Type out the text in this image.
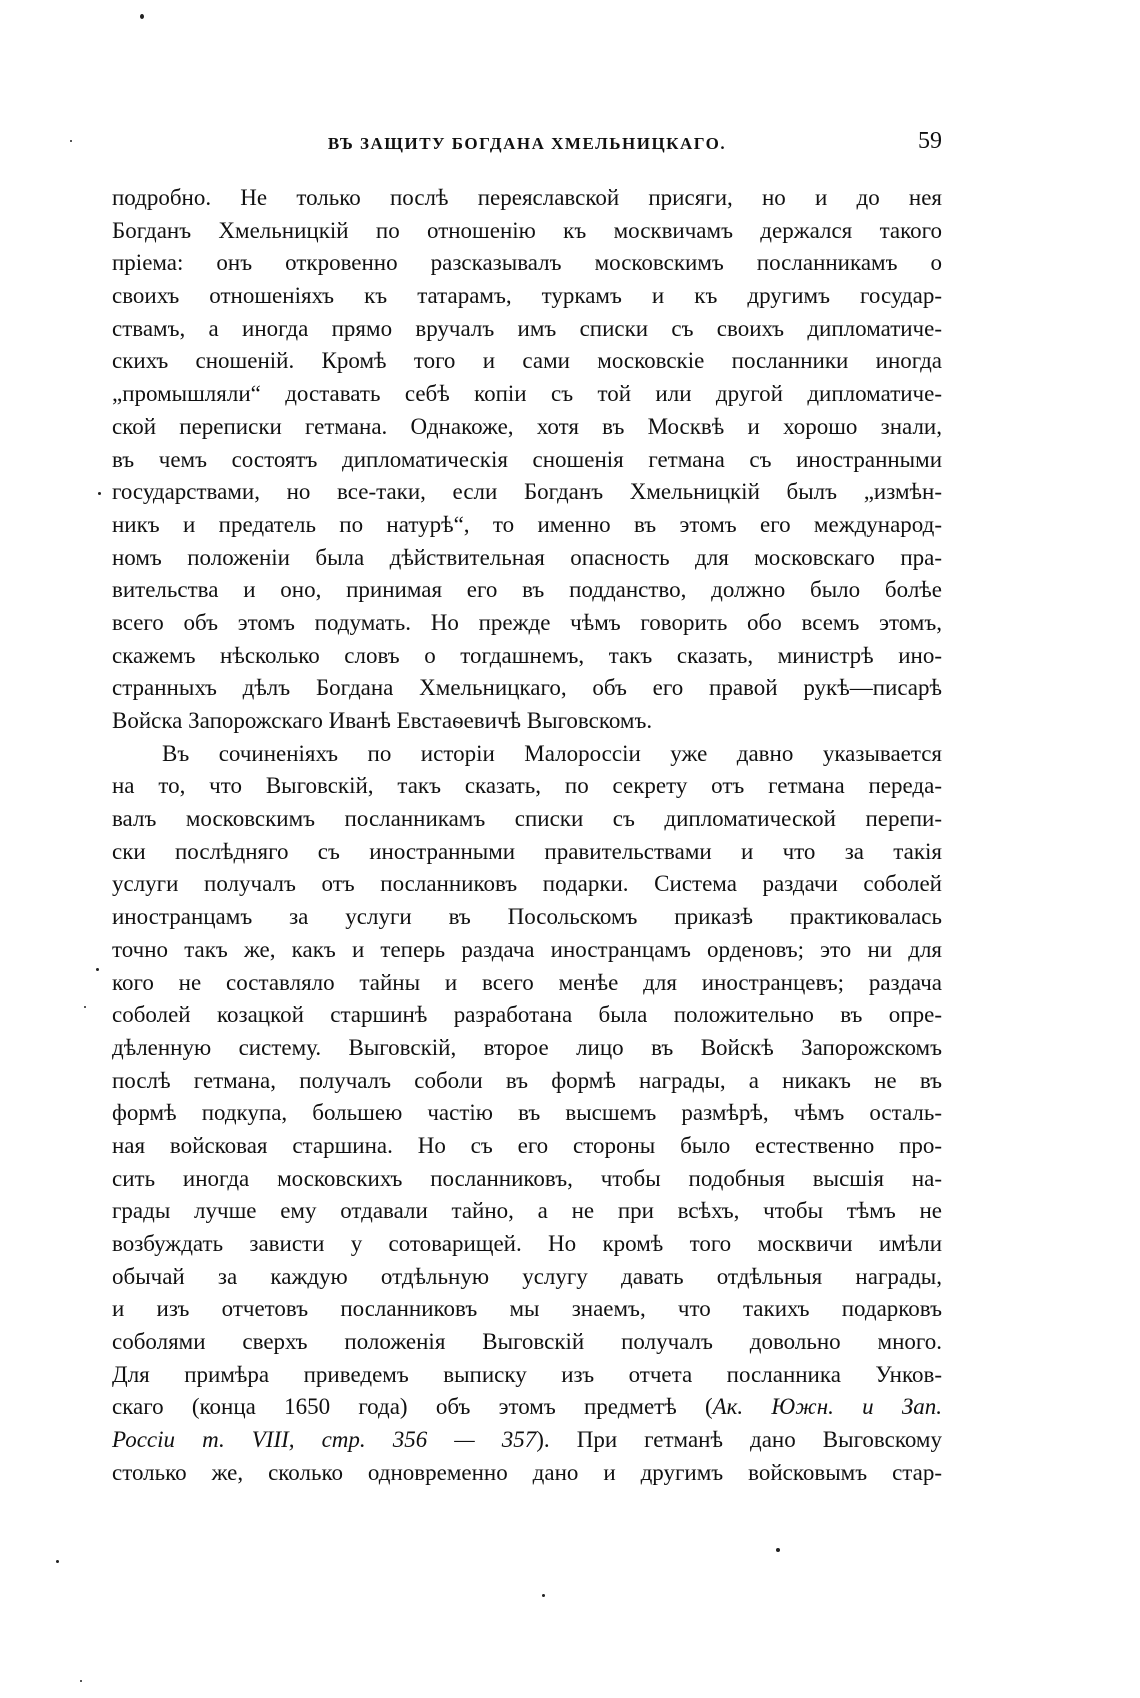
ВЪ ЗАЩИТУ БОГДАНА ХМЕЛЬНИЦКАГО.	59
подробно. Не только послѣ переяславской присяги, но и до нея
Богданъ Хмельницкій по отношенію къ москвичамъ держался такого
пріема: онъ откровенно разсказывалъ московскимъ посланникамъ о
своихъ отношеніяхъ къ татарамъ, туркамъ и къ другимъ государ-
ствамъ, а иногда прямо вручалъ имъ списки съ своихъ дипломатиче-
скихъ сношеній. Кромѣ того и сами московскіе посланники иногда
„промышляли“ доставать себѣ копіи съ той или другой дипломатиче-
ской переписки гетмана. Однакоже, хотя въ Москвѣ и хорошо знали,
въ чемъ состоятъ дипломатическія сношенія гетмана съ иностранными
государствами, но все-таки, если Богданъ Хмельницкій былъ „измѣн-
никъ и предатель по натурѣ“, то именно въ этомъ его международ-
номъ положеніи была дѣйствительная опасность для московскаго пра-
вительства и оно, принимая его въ подданство, должно было болѣе
всего объ этомъ подумать. Но прежде чѣмъ говорить обо всемъ этомъ,
скажемъ нѣсколько словъ о тогдашнемъ, такъ сказать, министрѣ ино-
странныхъ дѣлъ Богдана Хмельницкаго, объ его правой рукѣ—писарѣ
Войска Запорожскаго Иванѣ Евстаѳевичѣ Выговскомъ.
Въ сочиненіяхъ по исторіи Малороссіи уже давно указывается
на то, что Выговскій, такъ сказать, по секрету отъ гетмана переда-
валъ московскимъ посланникамъ списки съ дипломатической перепи-
ски послѣдняго съ иностранными правительствами и что за такія
услуги получалъ отъ посланниковъ подарки. Система раздачи соболей
иностранцамъ за услуги въ Посольскомъ приказѣ практиковалась
точно такъ же, какъ и теперь раздача иностранцамъ орденовъ; это ни для
кого не составляло тайны и всего менѣе для иностранцевъ; раздача
соболей козацкой старшинѣ разработана была положительно въ опре-
дѣленную систему. Выговскій, второе лицо въ Войскѣ Запорожскомъ
послѣ гетмана, получалъ соболи въ формѣ награды, а никакъ не въ
формѣ подкупа, большею частію въ высшемъ размѣрѣ, чѣмъ осталь-
ная войсковая старшина. Но съ его стороны было естественно про-
сить иногда московскихъ посланниковъ, чтобы подобныя высшія на-
грады лучше ему отдавали тайно, а не при всѣхъ, чтобы тѣмъ не
возбуждать зависти у сотоварищей. Но кромѣ того москвичи имѣли
обычай за каждую отдѣльную услугу давать отдѣльныя награды,
и изъ отчетовъ посланниковъ мы знаемъ, что такихъ подарковъ
соболями сверхъ положенія Выговскій получалъ довольно много.
Для примѣра приведемъ выписку изъ отчета посланника Унков-
скаго (конца 1650 года) объ этомъ предметѣ (Ак. Южн. и Зап.
Россіи т. VIII, стр. 356 — 357). При гетманѣ дано Выговскому
столько же, сколько одновременно дано и другимъ войсковымъ стар-
